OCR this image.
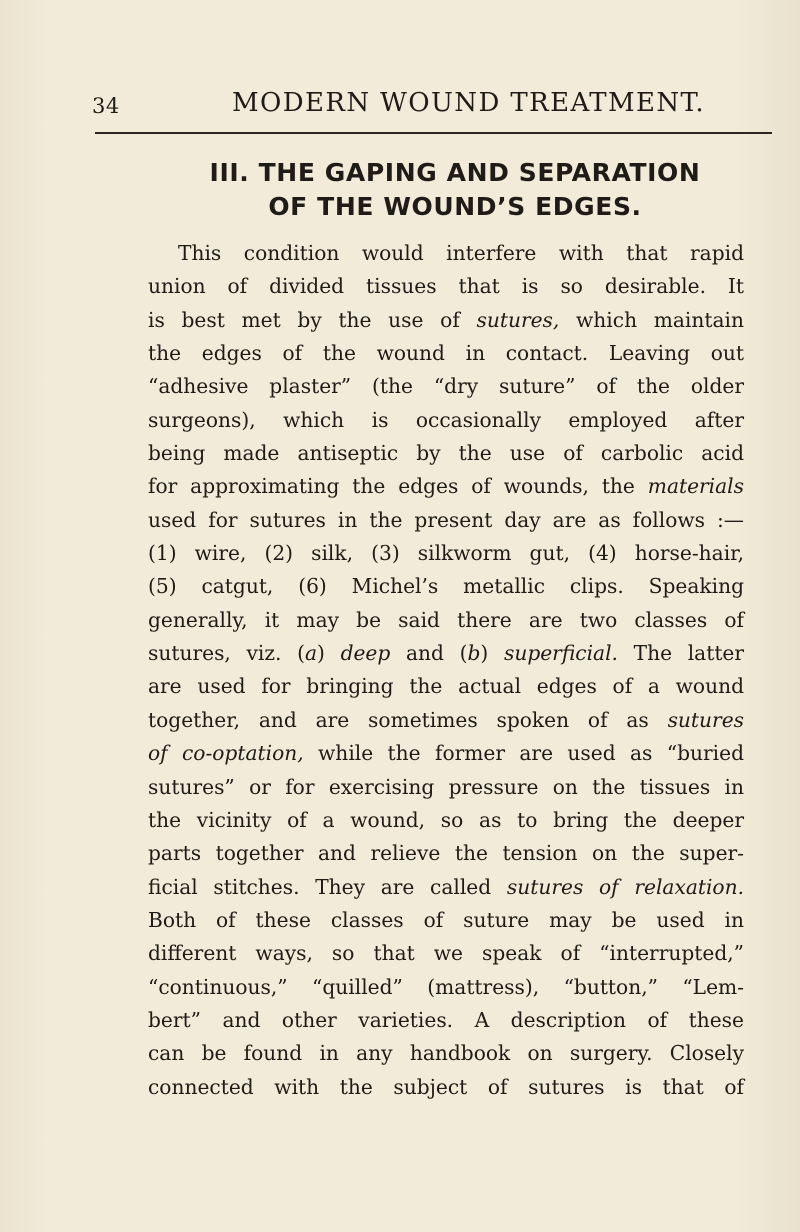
34	MODERN WOUND TREATMENT.
III. THE GAPING AND SEPARATION
OF THE WOUND’S EDGES.
This condition would interfere with that rapid
union of divided tissues that is so desirable. It
is best met by the use of sutures, which maintain
the edges of the wound in contact. Leaving out
“adhesive plaster” (the “dry suture” of the older
surgeons), which is occasionally employed after
being made antiseptic by the use of carbolic acid
for approximating the edges of wounds, the materials
used for sutures in the present day are as follows :—
(1) wire, (2) silk, (3) silkworm gut, (4) horse-hair,
(5) catgut, (6) Michel’s metallic clips. Speaking
generally, it may be said there are two classes of
sutures, viz. (a) deep and (b) superficial. The latter
are used for bringing the actual edges of a wound
together, and are sometimes spoken of as sutures
of co-optation, while the former are used as “buried
sutures” or for exercising pressure on the tissues in
the vicinity of a wound, so as to bring the deeper
parts together and relieve the tension on the super-
ficial stitches. They are called sutures of relaxation.
Both of these classes of suture may be used in
different ways, so that we speak of “interrupted,”
“continuous,” “quilled” (mattress), “button,” “Lem-
bert” and other varieties. A description of these
can be found in any handbook on surgery. Closely
connected with the subject of sutures is that of
